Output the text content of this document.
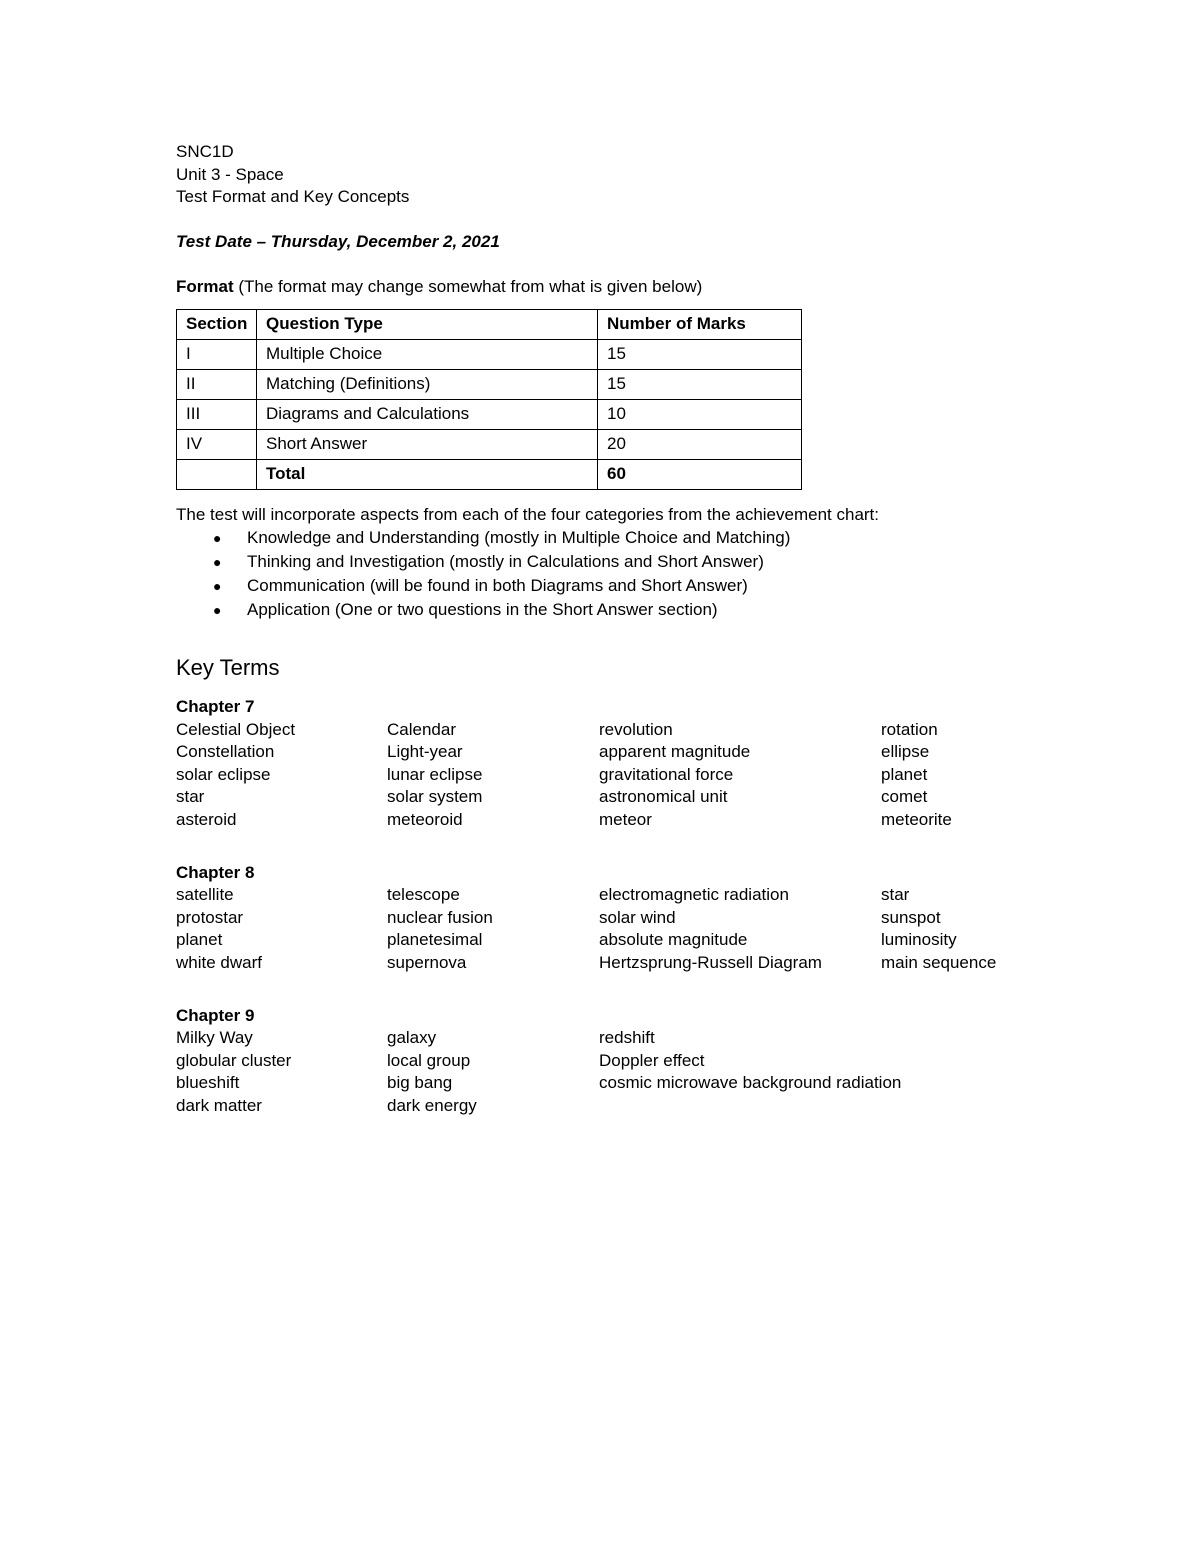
SNC1D
Unit 3 - Space
Test Format and Key Concepts
Test Date – Thursday, December 2, 2021
Format (The format may change somewhat from what is given below)
Section	Question Type	Number of Marks
I	Multiple Choice	15
II	Matching (Definitions)	15
III	Diagrams and Calculations	10
IV	Short Answer	20
	Total	60
The test will incorporate aspects from each of the four categories from the achievement chart:
● Knowledge and Understanding (mostly in Multiple Choice and Matching)
● Thinking and Investigation (mostly in Calculations and Short Answer)
● Communication (will be found in both Diagrams and Short Answer)
● Application (One or two questions in the Short Answer section)
Key Terms
Chapter 7
Celestial Object	Calendar	revolution	rotation
Constellation	Light-year	apparent magnitude	ellipse
solar eclipse	lunar eclipse	gravitational force	planet
star	solar system	astronomical unit	comet
asteroid	meteoroid	meteor	meteorite
Chapter 8
satellite	telescope	electromagnetic radiation	star
protostar	nuclear fusion	solar wind	sunspot
planet	planetesimal	absolute magnitude	luminosity
white dwarf	supernova	Hertzsprung-Russell Diagram	main sequence
Chapter 9
Milky Way	galaxy	redshift
globular cluster	local group	Doppler effect
blueshift	big bang	cosmic microwave background radiation
dark matter	dark energy
